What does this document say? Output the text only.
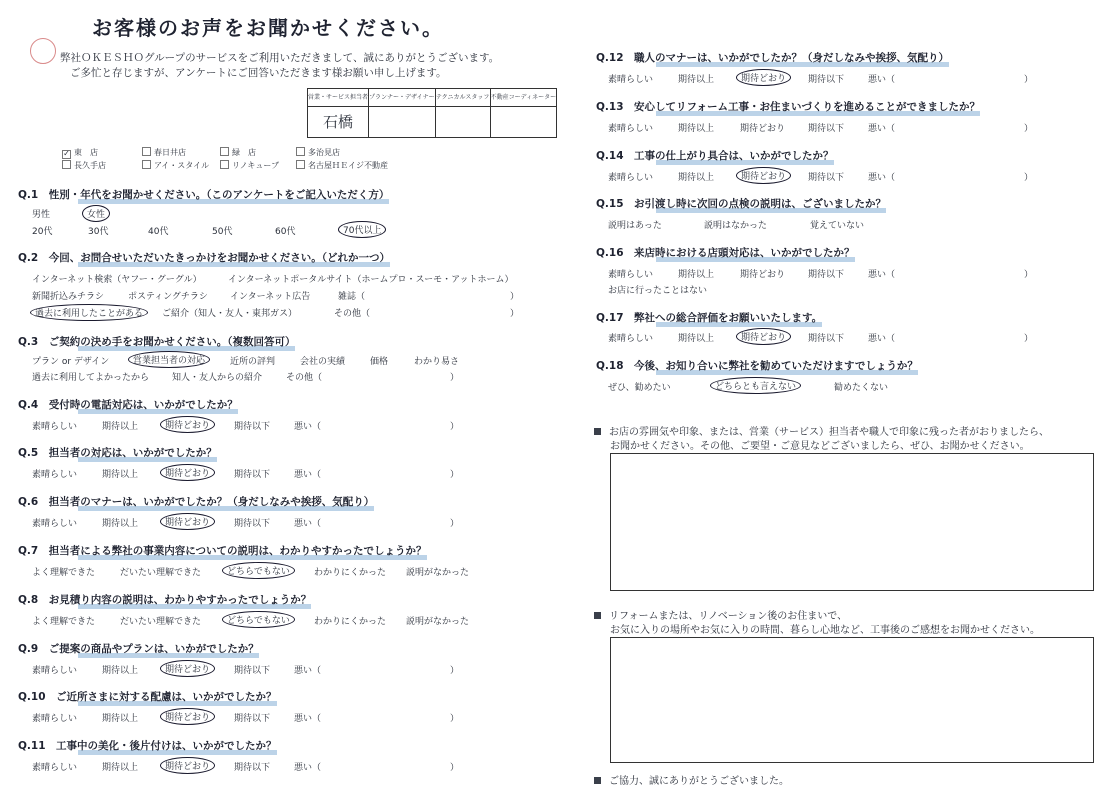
お客様のお声をお聞かせください。
弊社ＯＫＥＳＨＯグループのサービスをご利用いただきまして、誠にありがとうございます。
ご多忙と存じますが、アンケートにご回答いただきます様お願い申し上げます。
営業・サービス担当者	プランナー・デザイナー	テクニカルスタッフ	不動産コーディネーター
石橋			
✓ 東　店	春日井店	緑　店	多治見店
長久手店	アイ・スタイル	リノキューブ	名古屋ＨＥイジ不動産
Q.1　性別・年代をお聞かせください。（このアンケートをご記入いただく方）
男性	女性
20代	30代	40代	50代	60代	70代以上
Q.2　今回、お問合せいただいたきっかけをお聞かせください。（どれか一つ）
インターネット検索（ヤフー・グーグル）	インターネットポータルサイト（ホームプロ・スーモ・アットホーム）
新聞折込みチラシ	ポスティングチラシ インターネット広告	雑誌（	）
過去に利用したことがある	ご紹介（知人・友人・東邦ガス）	その他（	）
Q.3　ご契約の決め手をお聞かせください。（複数回答可）
プラン or デザイン	営業担当者の対応	近所の評判	会社の実績	価格	わかり易さ
過去に利用してよかったから	知人・友人からの紹介	その他（	）
Q.4　受付時の電話対応は、いかがでしたか？
素晴らしい	期待以上	期待どおり	期待以下	悪い（	）
Q.5　担当者の対応は、いかがでしたか？
素晴らしい	期待以上	期待どおり	期待以下	悪い（	）
Q.6　担当者のマナーは、いかがでしたか？（身だしなみや挨拶、気配り）
素晴らしい	期待以上	期待どおり	期待以下	悪い（	）
Q.7　担当者による弊社の事業内容についての説明は、わかりやすかったでしょうか？
よく理解できた	だいたい理解できた	どちらでもない	わかりにくかった 説明がなかった
Q.8　お見積り内容の説明は、わかりやすかったでしょうか？
よく理解できた	だいたい理解できた	どちらでもない	わかりにくかった 説明がなかった
Q.9　ご提案の商品やプランは、いかがでしたか？
素晴らしい	期待以上	期待どおり	期待以下	悪い（	）
Q.10　ご近所さまに対する配慮は、いかがでしたか？
素晴らしい	期待以上	期待どおり	期待以下	悪い（	）
Q.11　工事中の美化・後片付けは、いかがでしたか？
素晴らしい	期待以上	期待どおり	期待以下	悪い（	）
Q.12　職人のマナーは、いかがでしたか？（身だしなみや挨拶、気配り）
素晴らしい	期待以上	期待どおり	期待以下	悪い（	）
Q.13　安心してリフォーム工事・お住まいづくりを進めることができましたか？
素晴らしい	期待以上	期待どおり	期待以下	悪い（	）
Q.14　工事の仕上がり具合は、いかがでしたか？
素晴らしい	期待以上	期待どおり	期待以下	悪い（	）
Q.15　お引渡し時に次回の点検の説明は、ございましたか？
説明はあった	説明はなかった	覚えていない
Q.16　来店時における店頭対応は、いかがでしたか？
素晴らしい	期待以上	期待どおり	期待以下	悪い（	）
お店に行ったことはない
Q.17　弊社への総合評価をお願いいたします。
素晴らしい	期待以上	期待どおり	期待以下	悪い（	）
Q.18　今後、お知り合いに弊社を勧めていただけますでしょうか？
ぜひ、勧めたい	どちらとも言えない	勧めたくない
お店の雰囲気や印象、または、営業（サービス）担当者や職人で印象に残った者がおりましたら、
お聞かせください。その他、ご要望・ご意見などございましたら、ぜひ、お聞かせください。
リフォームまたは、リノベーション後のお住まいで、
お気に入りの場所やお気に入りの時間、暮らし心地など、工事後のご感想をお聞かせください。
ご協力、誠にありがとうございました。
